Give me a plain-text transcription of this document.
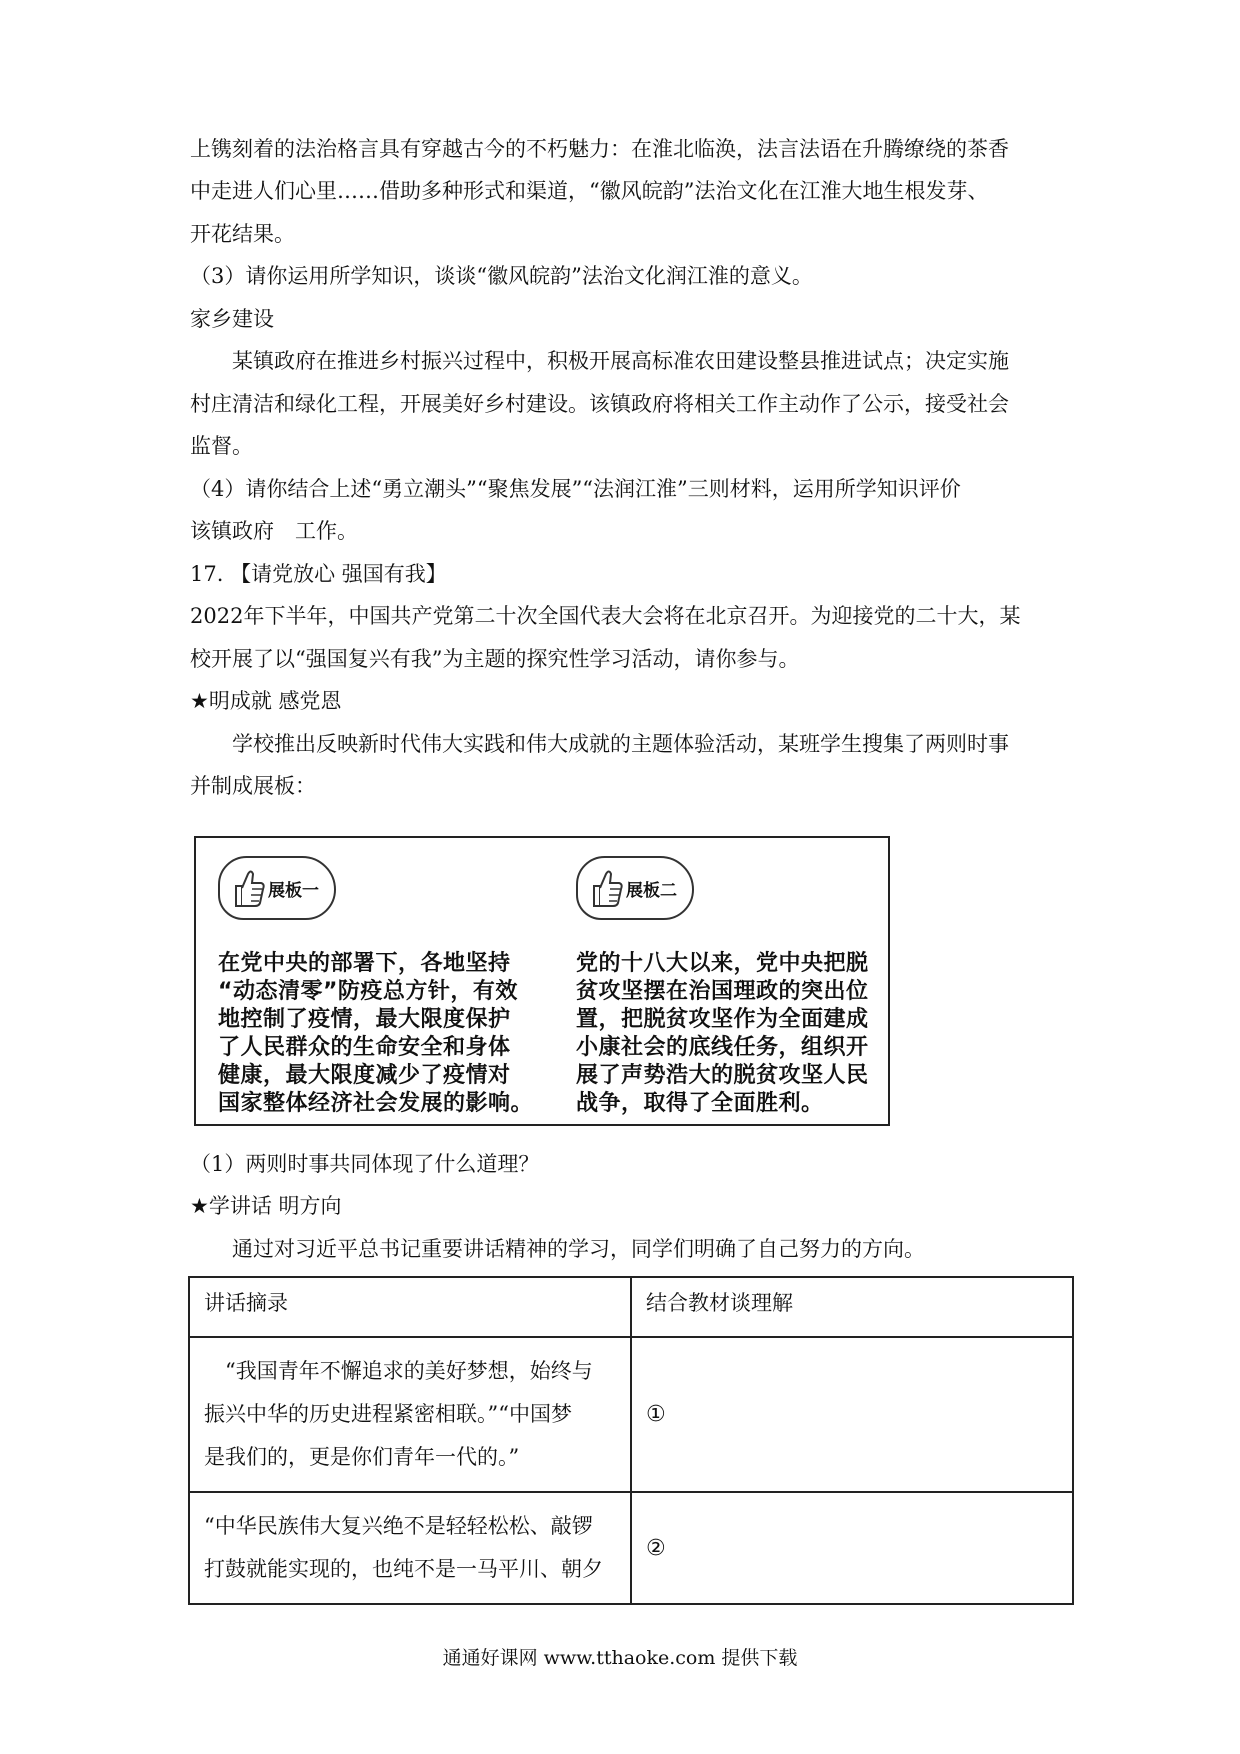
上镌刻着的法治格言具有穿越古今的不朽魅力：在淮北临涣，法言法语在升腾缭绕的茶香
中走进人们心里……借助多种形式和渠道，“徽风皖韵”法治文化在江淮大地生根发芽、
开花结果。
（3）请你运用所学知识，谈谈“徽风皖韵”法治文化润江淮的意义。
家乡建设
某镇政府在推进乡村振兴过程中，积极开展高标准农田建设整县推进试点；决定实施
村庄清洁和绿化工程，开展美好乡村建设。该镇政府将相关工作主动作了公示，接受社会
监督。
（4）请你结合上述“勇立潮头”“聚焦发展”“法润江淮”三则材料，运用所学知识评价
该镇政府　工作。
17. 【请党放心 强国有我】
2022年下半年，中国共产党第二十次全国代表大会将在北京召开。为迎接党的二十大，某
校开展了以“强国复兴有我”为主题的探究性学习活动，请你参与。
★明成就 感党恩
学校推出反映新时代伟大实践和伟大成就的主题体验活动，某班学生搜集了两则时事
并制成展板：
展板一
在党中央的部署下，各地坚持
“动态清零”防疫总方针，有效
地控制了疫情，最大限度保护
了人民群众的生命安全和身体
健康，最大限度减少了疫情对
国家整体经济社会发展的影响。
展板二
党的十八大以来，党中央把脱
贫攻坚摆在治国理政的突出位
置，把脱贫攻坚作为全面建成
小康社会的底线任务，组织开
展了声势浩大的脱贫攻坚人民
战争，取得了全面胜利。
（1）两则时事共同体现了什么道理？
★学讲话 明方向
通过对习近平总书记重要讲话精神的学习，同学们明确了自己努力的方向。
讲话摘录	结合教材谈理解

　“我国青年不懈追求的美好梦想，始终与
振兴中华的历史进程紧密相联。”“中国梦
是我们的，更是你们青年一代的。”	①

“中华民族伟大复兴绝不是轻轻松松、敲锣
打鼓就能实现的，也纯不是一马平川、朝夕	②
通通好课网 www.tthaoke.com 提供下载
